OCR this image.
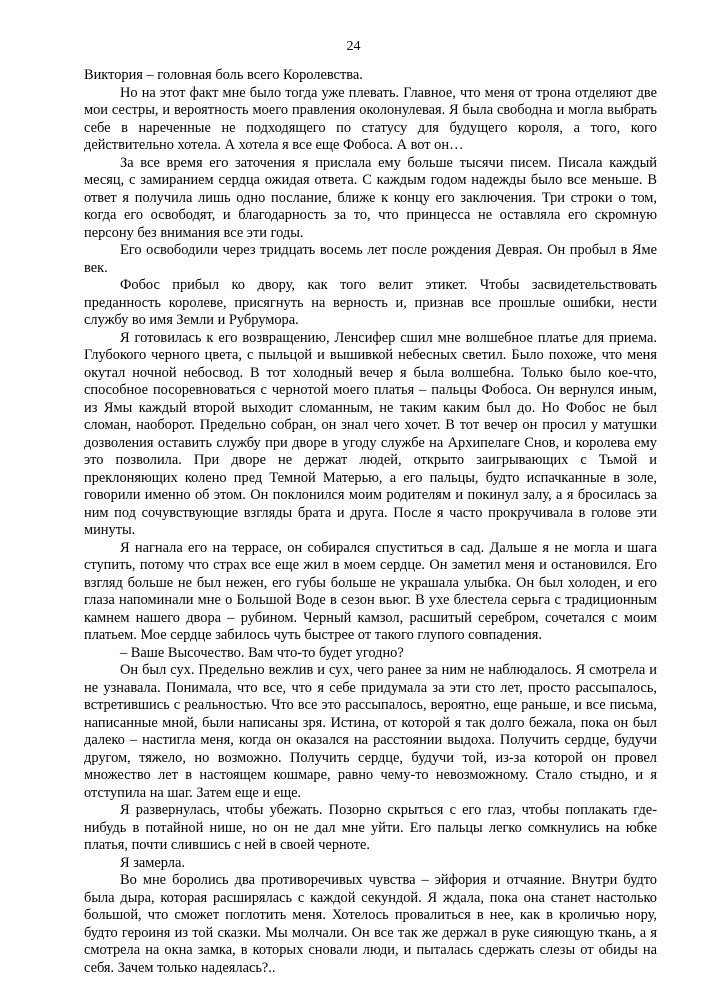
24

Виктория – головная боль всего Королевства.

Но на этот факт мне было тогда уже плевать. Главное, что меня от трона отделяют две мои сестры, и вероятность моего правления околонулевая. Я была свободна и могла выбрать себе в нареченные не подходящего по статусу для будущего короля, а того, кого действительно хотела. А хотела я все еще Фобоса. А вот он…

За все время его заточения я прислала ему больше тысячи писем. Писала каждый месяц, с замиранием сердца ожидая ответа. С каждым годом надежды было все меньше. В ответ я получила лишь одно послание, ближе к концу его заключения. Три строки о том, когда его освободят, и благодарность за то, что принцесса не оставляла его скромную персону без внимания все эти годы.

Его освободили через тридцать восемь лет после рождения Деврая. Он пробыл в Яме век.

Фобос прибыл ко двору, как того велит этикет. Чтобы засвидетельствовать преданность королеве, присягнуть на верность и, признав все прошлые ошибки, нести службу во имя Земли и Рубрумора.

Я готовилась к его возвращению, Ленсифер сшил мне волшебное платье для приема. Глубокого черного цвета, с пыльцой и вышивкой небесных светил. Было похоже, что меня окутал ночной небосвод. В тот холодный вечер я была волшебна. Только было кое-что, способное посоревноваться с чернотой моего платья – пальцы Фобоса. Он вернулся иным, из Ямы каждый второй выходит сломанным, не таким каким был до. Но Фобос не был сломан, наоборот. Предельно собран, он знал чего хочет. В тот вечер он просил у матушки дозволения оставить службу при дворе в угоду службе на Архипелаге Снов, и королева ему это позволила. При дворе не держат людей, открыто заигрывающих с Тьмой и преклоняющих колено пред Темной Матерью, а его пальцы, будто испачканные в золе, говорили именно об этом. Он поклонился моим родителям и покинул залу, а я бросилась за ним под сочувствующие взгляды брата и друга. После я часто прокручивала в голове эти минуты.

Я нагнала его на террасе, он собирался спуститься в сад. Дальше я не могла и шага ступить, потому что страх все еще жил в моем сердце. Он заметил меня и остановился. Его взгляд больше не был нежен, его губы больше не украшала улыбка. Он был холоден, и его глаза напоминали мне о Большой Воде в сезон вьюг. В ухе блестела серьга с традиционным камнем нашего двора – рубином. Черный камзол, расшитый серебром, сочетался с моим платьем. Мое сердце забилось чуть быстрее от такого глупого совпадения.

– Ваше Высочество. Вам что-то будет угодно?

Он был сух. Предельно вежлив и сух, чего ранее за ним не наблюдалось. Я смотрела и не узнавала. Понимала, что все, что я себе придумала за эти сто лет, просто рассыпалось, встретившись с реальностью. Что все это рассыпалось, вероятно, еще раньше, и все письма, написанные мной, были написаны зря. Истина, от которой я так долго бежала, пока он был далеко – настигла меня, когда он оказался на расстоянии выдоха. Получить сердце, будучи другом, тяжело, но возможно. Получить сердце, будучи той, из-за которой он провел множество лет в настоящем кошмаре, равно чему-то невозможному. Стало стыдно, и я отступила на шаг. Затем еще и еще.

Я развернулась, чтобы убежать. Позорно скрыться с его глаз, чтобы поплакать где-нибудь в потайной нише, но он не дал мне уйти. Его пальцы легко сомкнулись на юбке платья, почти слившись с ней в своей черноте.

Я замерла.

Во мне боролись два противоречивых чувства – эйфория и отчаяние. Внутри будто была дыра, которая расширялась с каждой секундой. Я ждала, пока она станет настолько большой, что сможет поглотить меня. Хотелось провалиться в нее, как в кроличью нору, будто героиня из той сказки. Мы молчали. Он все так же держал в руке сияющую ткань, а я смотрела на окна замка, в которых сновали люди, и пыталась сдержать слезы от обиды на себя. Зачем только надеялась?..
